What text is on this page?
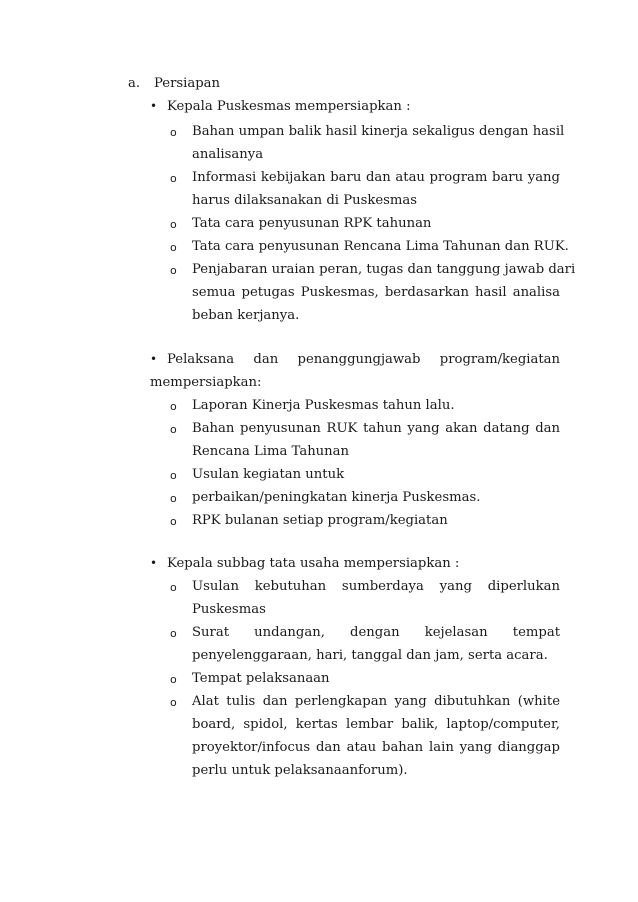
a. Persiapan
• Kepala Puskesmas mempersiapkan :
o Bahan umpan balik hasil kinerja sekaligus dengan hasil
analisanya
o Informasi kebijakan baru dan atau program baru yang
harus dilaksanakan di Puskesmas
o Tata cara penyusunan RPK tahunan
o Tata cara penyusunan Rencana Lima Tahunan dan RUK.
o Penjabaran uraian peran, tugas dan tanggung jawab dari
semua petugas Puskesmas, berdasarkan hasil analisa
beban kerjanya.
• Pelaksana dan penanggungjawab program/kegiatan
mempersiapkan:
o Laporan Kinerja Puskesmas tahun lalu.
o Bahan penyusunan RUK tahun yang akan datang dan
Rencana Lima Tahunan
o Usulan kegiatan untuk
o perbaikan/peningkatan kinerja Puskesmas.
o RPK bulanan setiap program/kegiatan
• Kepala subbag tata usaha mempersiapkan :
o Usulan kebutuhan sumberdaya yang diperlukan
Puskesmas
o Surat undangan, dengan kejelasan tempat
penyelenggaraan, hari, tanggal dan jam, serta acara.
o Tempat pelaksanaan
o Alat tulis dan perlengkapan yang dibutuhkan (white
board, spidol, kertas lembar balik, laptop/computer,
proyektor/infocus dan atau bahan lain yang dianggap
perlu untuk pelaksanaanforum).
